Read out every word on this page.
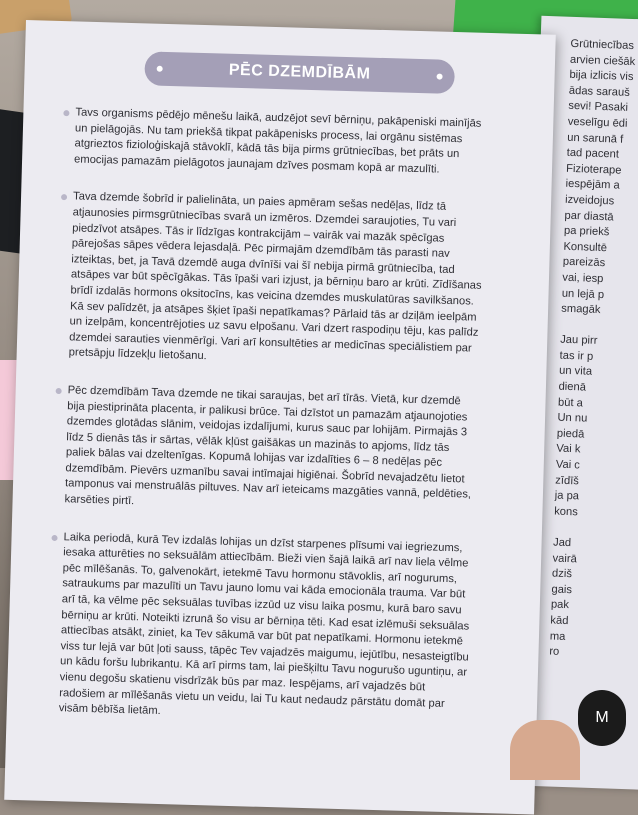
Grūtniecības
arvien ciešāk
bija izlicis vis
ādas sarauš
sevi! Pasaki
veselīgu ēdi
un sarunā f
tad pacent
Fizioterape
iespējām a
izveidojus
par diastā
pa priekš
Konsultē
pareizās
vai, iesp
un lejā p
smagāk

Jau pirr
tas ir p
un vita
dienā
būt a
Un nu
piedā
Vai k
Vai c
zīdīš
ja pa
kons

Jad
vairā
dziš
gais
pak
kād
ma
ro
PĒC DZEMDĪBĀM
Tavs organisms pēdējo mēnešu laikā, audzējot sevī bērniņu, pakāpeniski mainījās un pielāgojās. Nu tam priekšā tikpat pakāpenisks process, lai orgānu sistēmas atgrieztos fizioloģiskajā stāvoklī, kādā tās bija pirms grūtniecības, bet prāts un emocijas pamazām pielāgotos jaunajam dzīves posmam kopā ar mazulīti.
Tava dzemde šobrīd ir palielināta, un paies apmēram sešas nedēļas, līdz tā atjaunosies pirmsgrūtniecības svarā un izmēros. Dzemdei saraujoties, Tu vari piedzīvot atsāpes. Tās ir līdzīgas kontrakcijām – vairāk vai mazāk spēcīgas pārejošas sāpes vēdera lejasdaļā. Pēc pirmajām dzemdībām tās parasti nav izteiktas, bet, ja Tavā dzemdē auga dvīnīši vai šī nebija pirmā grūtniecība, tad atsāpes var būt spēcīgākas. Tās īpaši vari izjust, ja bērniņu baro ar krūti. Zīdīšanas brīdī izdalās hormons oksitocīns, kas veicina dzemdes muskulatūras savilkšanos. Kā sev palīdzēt, ja atsāpes šķiet īpaši nepatīkamas? Pārlaid tās ar dziļām ieelpām un izelpām, koncentrējoties uz savu elpošanu. Vari dzert raspodiņu tēju, kas palīdz dzemdei sarauties vienmērīgi. Vari arī konsultēties ar medicīnas speciālistiem par pretsāpju līdzekļu lietošanu.
Pēc dzemdībām Tava dzemde ne tikai saraujas, bet arī tīrās. Vietā, kur dzemdē bija piestiprināta placenta, ir palikusi brūce. Tai dzīstot un pamazām atjaunojoties dzemdes glotādas slānim, veidojas izdalījumi, kurus sauc par lohijām. Pirmajās 3 līdz 5 dienās tās ir sārtas, vēlāk kļūst gaišākas un mazinās to apjoms, līdz tās paliek bālas vai dzeltenīgas. Kopumā lohijas var izdalīties 6 – 8 nedēļas pēc dzemdībām. Pievērs uzmanību savai intīmajai higiēnai. Šobrīd nevajadzētu lietot tamponus vai menstruālās piltuves. Nav arī ieteicams mazgāties vannā, peldēties, karsēties pirtī.
Laika periodā, kurā Tev izdalās lohijas un dzīst starpenes plīsumi vai iegriezums, iesaka atturēties no seksuālām attiecībām. Bieži vien šajā laikā arī nav liela vēlme pēc mīlēšanās. To, galvenokārt, ietekmē Tavu hormonu stāvoklis, arī nogurums, satraukums par mazulīti un Tavu jauno lomu vai kāda emocionāla trauma. Var būt arī tā, ka vēlme pēc seksuālas tuvības izzūd uz visu laika posmu, kurā baro savu bērniņu ar krūti. Noteikti izrunā šo visu ar bērniņa tēti. Kad esat izlēmuši seksuālas attiecības atsākt, ziniet, ka Tev sākumā var būt pat nepatīkami. Hormonu ietekmē viss tur lejā var būt ļoti sauss, tāpēc Tev vajadzēs maigumu, iejūtību, nesasteigtību un kādu foršu lubrikantu. Kā arī pirms tam, lai piešķiltu Tavu nogurušo uguntiņu, ar vienu degošu skatienu visdrīzāk būs par maz. Iespējams, arī vajadzēs būt radošiem ar mīlēšanās vietu un veidu, lai Tu kaut nedaudz pārstātu domāt par visām bēbīša lietām.	M
